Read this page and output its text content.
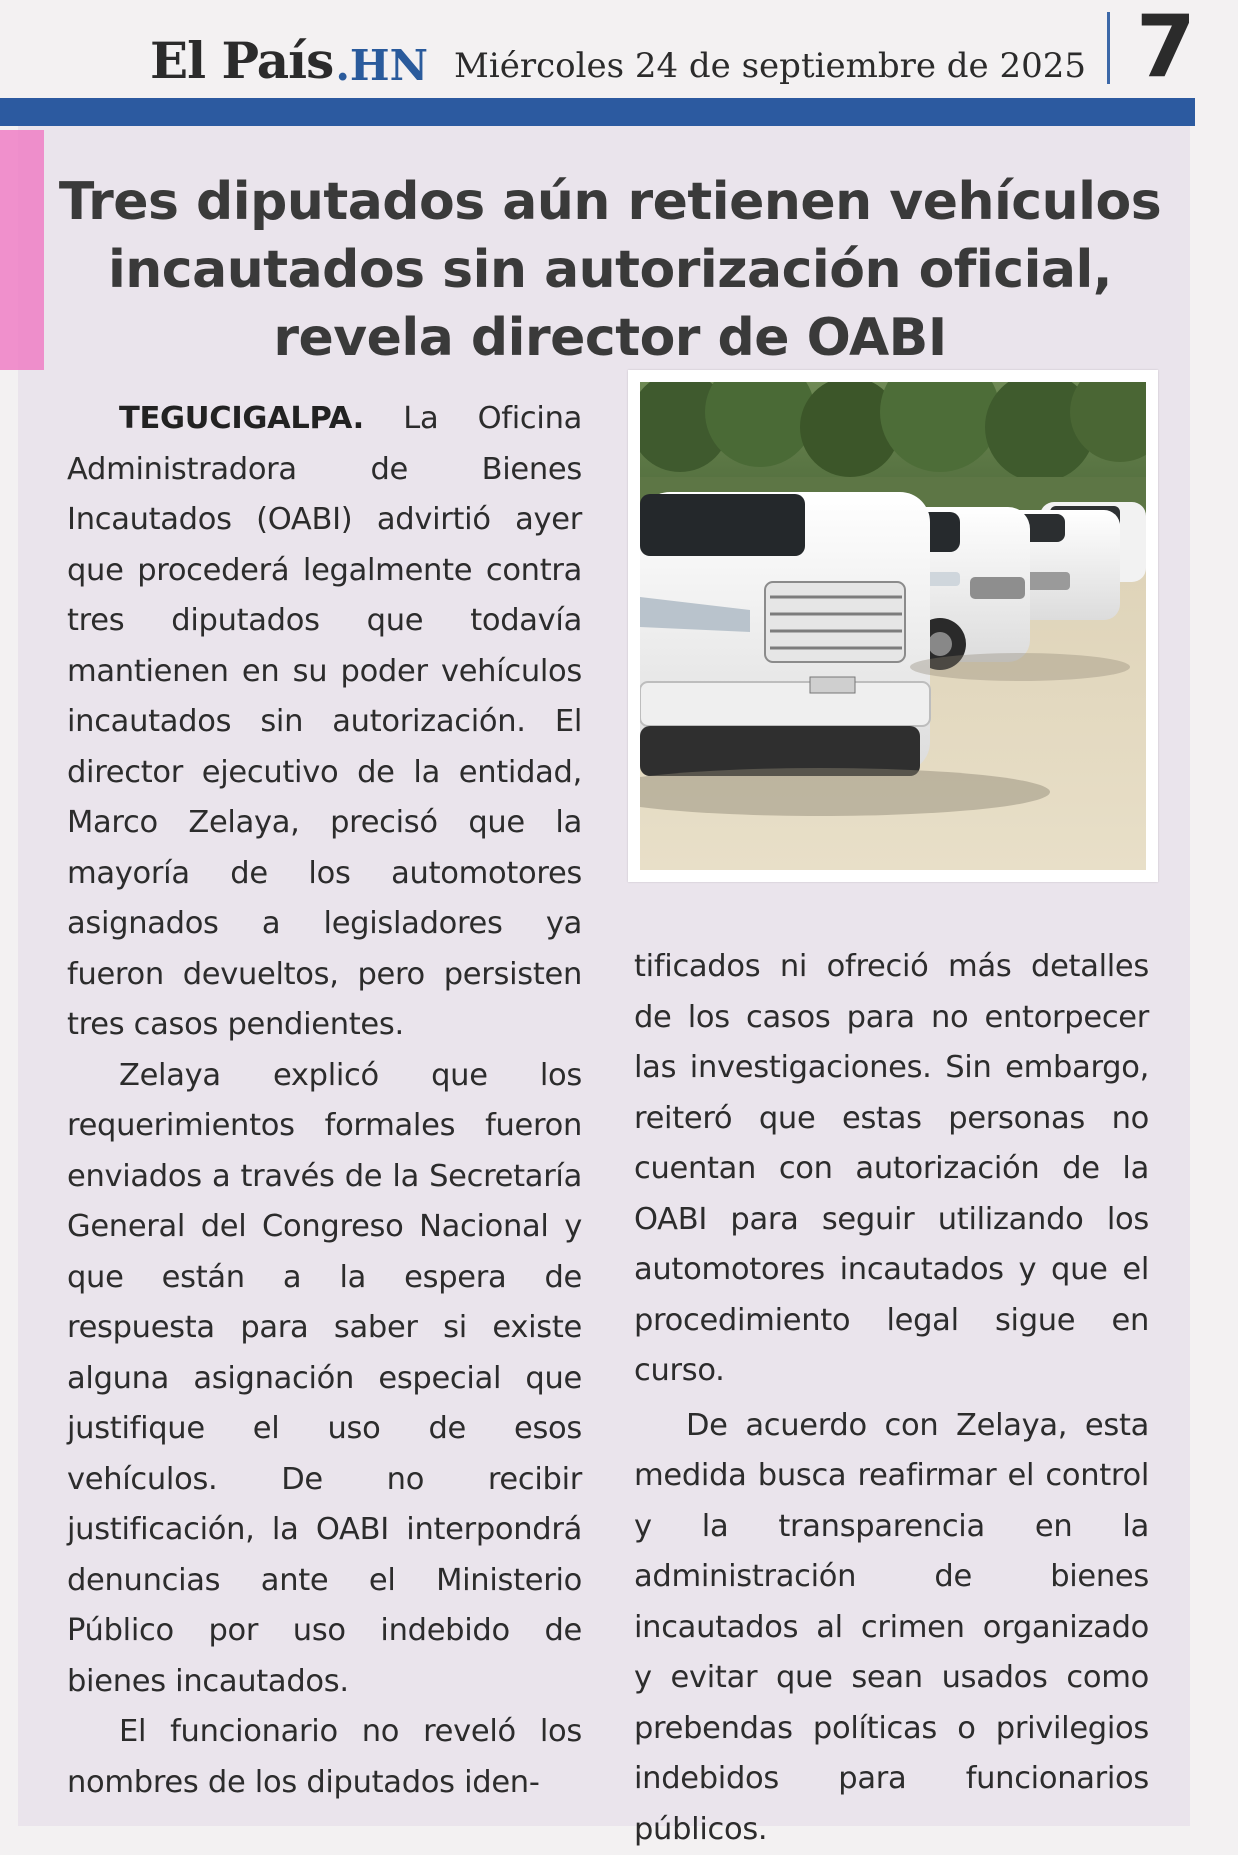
El País .HN Miércoles 24 de septiembre de 2025 7
Tres diputados aún retienen vehículos incautados sin autorización oficial, revela director de OABI

TEGUCIGALPA. La Oficina Administradora de Bienes Incautados (OABI) advirtió ayer que procederá legalmente contra tres diputados que todavía mantienen en su poder vehículos incautados sin autorización. El director ejecutivo de la entidad, Marco Zelaya, precisó que la mayoría de los automotores asignados a legisladores ya fueron devueltos, pero persisten tres casos pendientes.

Zelaya explicó que los requerimientos formales fueron enviados a través de la Secretaría General del Congreso Nacional y que están a la espera de respuesta para saber si existe alguna asignación especial que justifique el uso de esos vehículos. De no recibir justificación, la OABI interpondrá denuncias ante el Ministerio Público por uso indebido de bienes incautados.

El funcionario no reveló los nombres de los diputados iden-

tificados ni ofreció más detalles de los casos para no entorpecer las investigaciones. Sin embargo, reiteró que estas personas no cuentan con autorización de la OABI para seguir utilizando los automotores incautados y que el procedimiento legal sigue en curso.

De acuerdo con Zelaya, esta medida busca reafirmar el control y la transparencia en la administración de bienes incautados al crimen organizado y evitar que sean usados como prebendas políticas o privilegios indebidos para funcionarios públicos.
